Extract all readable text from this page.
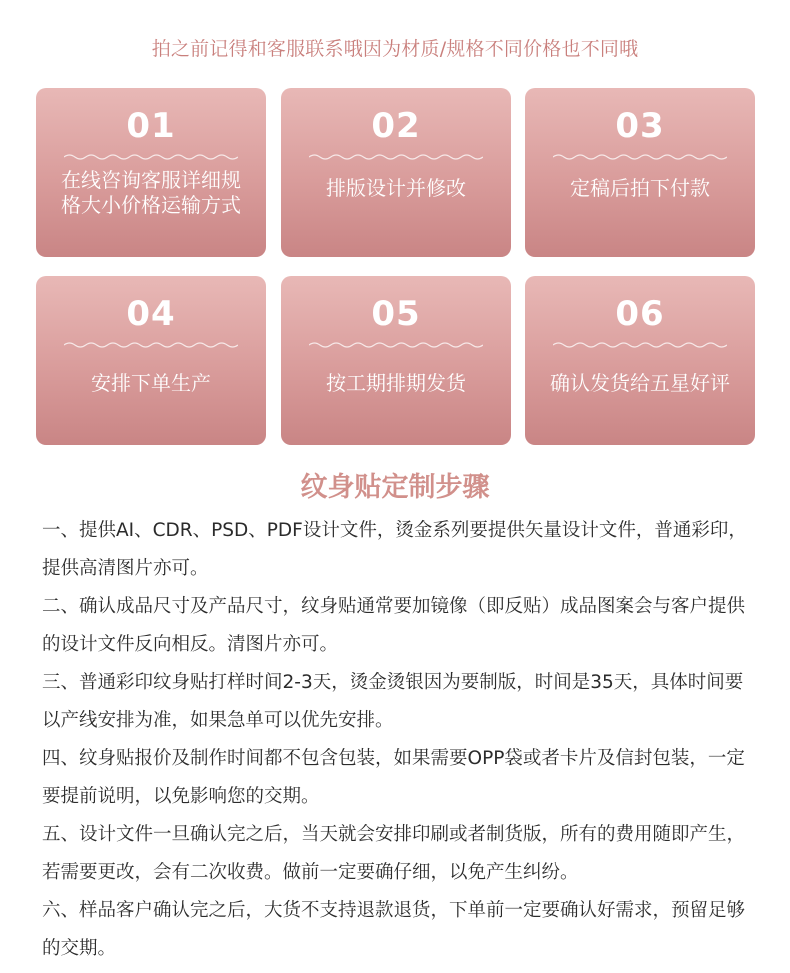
拍之前记得和客服联系哦因为材质/规格不同价格也不同哦
01
在线咨询客服详细规格大小价格运输方式
02
排版设计并修改
03
定稿后拍下付款
04
安排下单生产
05
按工期排期发货
06
确认发货给五星好评
纹身贴定制步骤

一、提供AI、CDR、PSD、PDF设计文件，烫金系列要提供矢量设计文件，普通彩印，提供高清图片亦可。

二、确认成品尺寸及产品尺寸，纹身贴通常要加镜像（即反贴）成品图案会与客户提供的设计文件反向相反。清图片亦可。

三、普通彩印纹身贴打样时间2-3天，烫金烫银因为要制版，时间是35天，具体时间要以产线安排为准，如果急单可以优先安排。

四、纹身贴报价及制作时间都不包含包装，如果需要OPP袋或者卡片及信封包装，一定要提前说明，以免影响您的交期。

五、设计文件一旦确认完之后，当天就会安排印刷或者制货版，所有的费用随即产生，若需要更改，会有二次收费。做前一定要确仔细，以免产生纠纷。

六、样品客户确认完之后，大货不支持退款退货，下单前一定要确认好需求，预留足够的交期。
